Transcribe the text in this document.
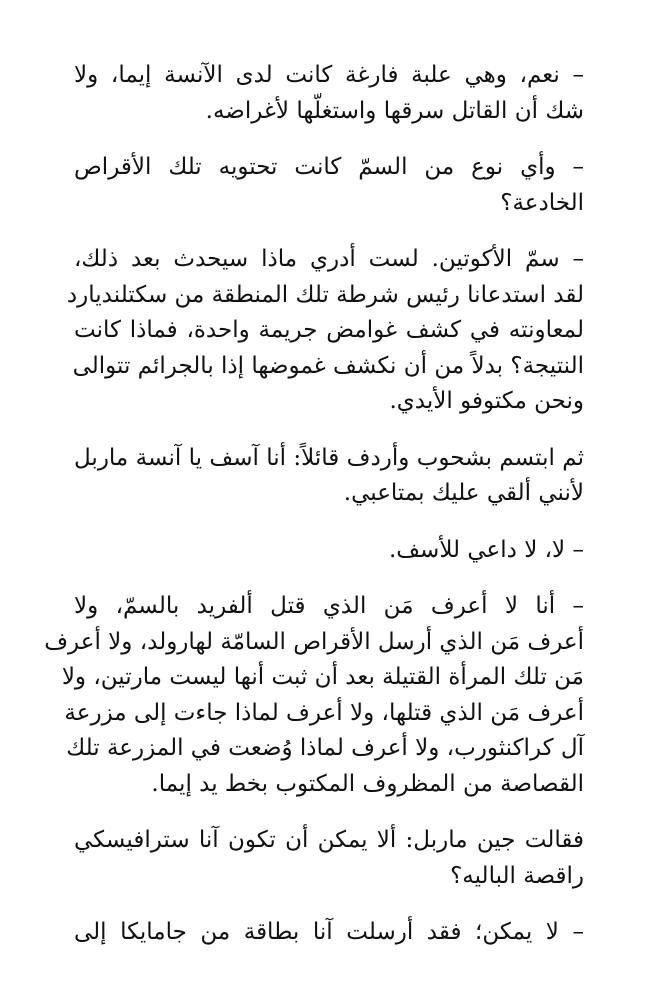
– نعم، وهي علبة فارغة كانت لدى الآنسة إيما، ولا
شك أن القاتل سرقها واستغلّها لأغراضه.

– وأي نوع من السمّ كانت تحتويه تلك الأقراص
الخادعة؟

– سمّ الأكوتين. لست أدري ماذا سيحدث بعد ذلك،
لقد استدعانا رئيس شرطة تلك المنطقة من سكتلنديارد
لمعاونته في كشف غوامض جريمة واحدة، فماذا كانت
النتيجة؟ بدلاً من أن نكشف غموضها إذا بالجرائم تتوالى
ونحن مكتوفو الأيدي.

ثم ابتسم بشحوب وأردف قائلاً: أنا آسف يا آنسة ماربل
لأنني ألقي عليك بمتاعبي.

– لا، لا داعي للأسف.

– أنا لا أعرف مَن الذي قتل ألفريد بالسمّ، ولا
أعرف مَن الذي أرسل الأقراص السامّة لهارولد، ولا أعرف
مَن تلك المرأة القتيلة بعد أن ثبت أنها ليست مارتين، ولا
أعرف مَن الذي قتلها، ولا أعرف لماذا جاءت إلى مزرعة
آل كراكنثورب، ولا أعرف لماذا وُضعت في المزرعة تلك
القصاصة من المظروف المكتوب بخط يد إيما.

فقالت جين ماربل: ألا يمكن أن تكون آنا سترافيسكي
راقصة الباليه؟

– لا يمكن؛ فقد أرسلت آنا بطاقة من جامايكا إلى
